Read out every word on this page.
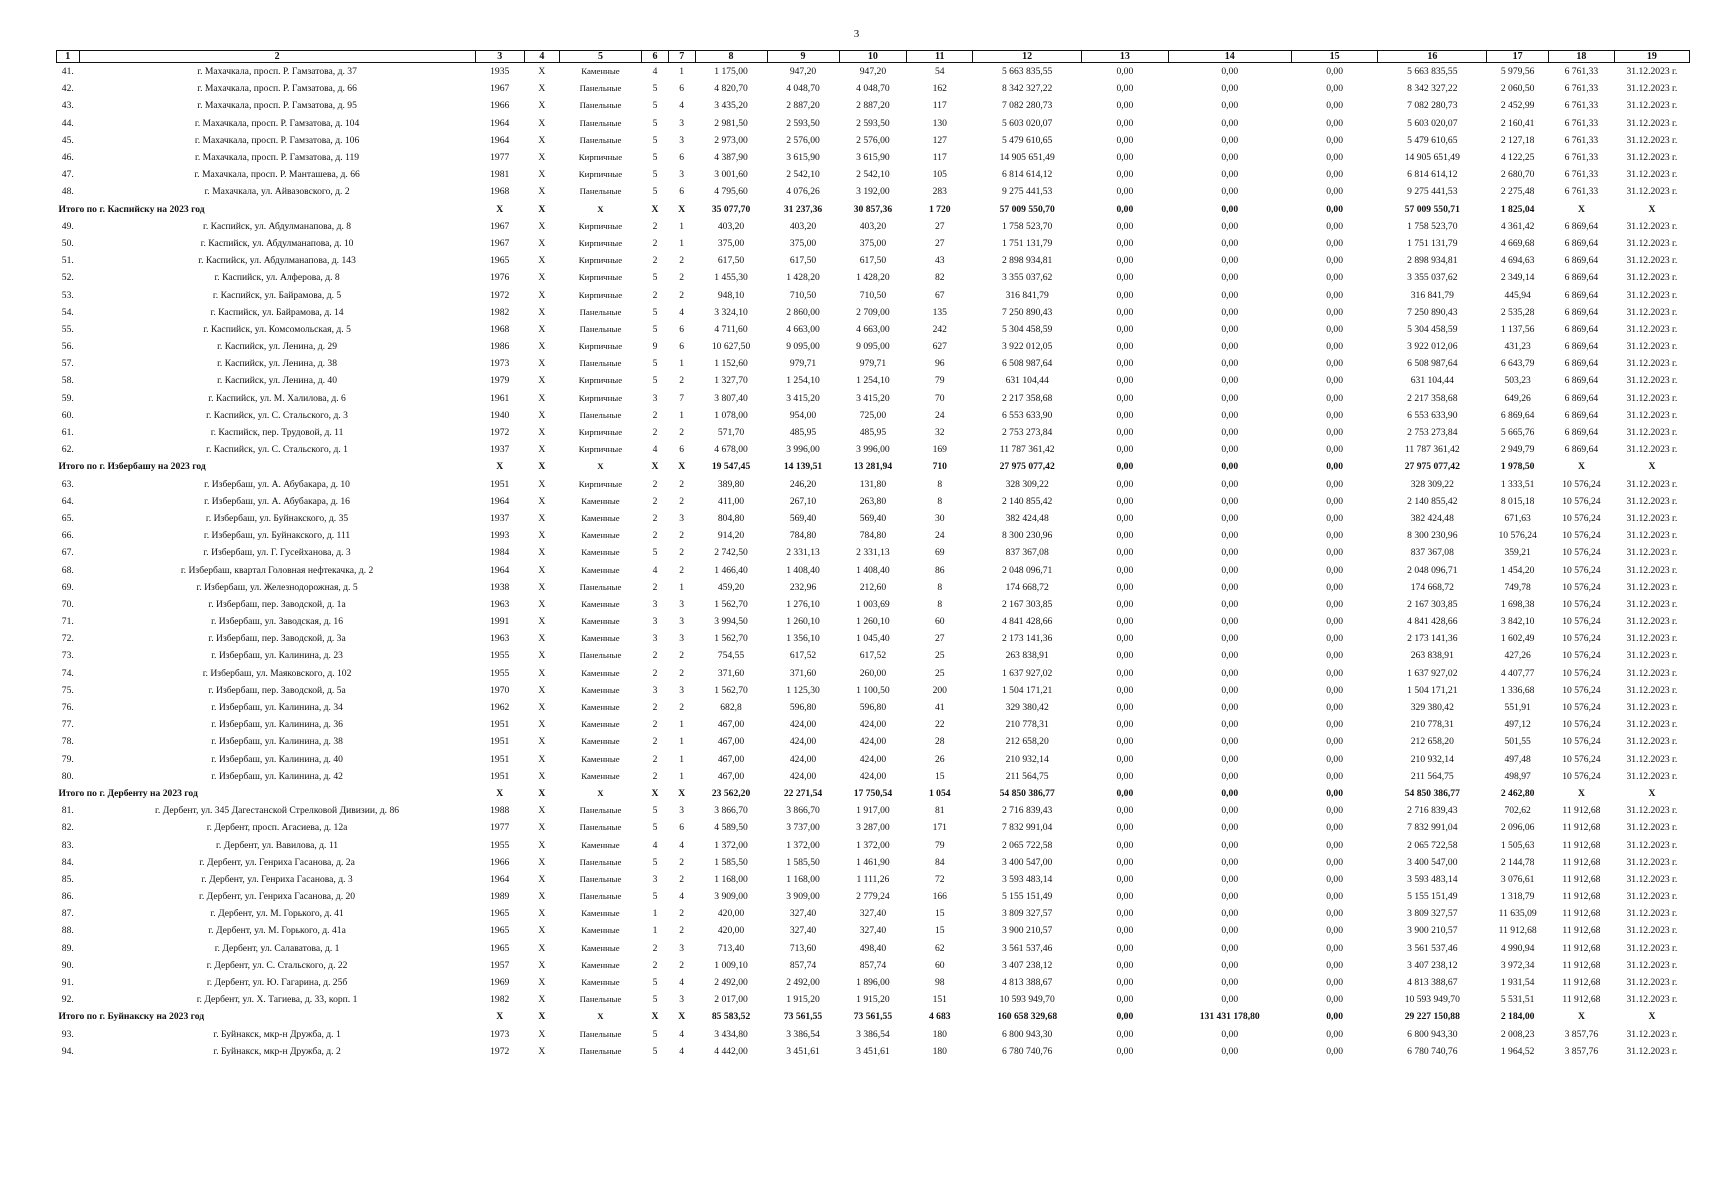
3
1	2	3	4	5	6	7	8	9	10	11	12	13	14	15	16	17	18	19
41.	г. Махачкала, просп. Р. Гамзатова, д. 37	1935	X	Каменные	4	1	1 175,00	947,20	947,20	54	5 663 835,55	0,00	0,00	0,00	5 663 835,55	5 979,56	6 761,33	31.12.2023 г.
42.	г. Махачкала, просп. Р. Гамзатова, д. 66	1967	X	Панельные	5	6	4 820,70	4 048,70	4 048,70	162	8 342 327,22	0,00	0,00	0,00	8 342 327,22	2 060,50	6 761,33	31.12.2023 г.
43.	г. Махачкала, просп. Р. Гамзатова, д. 95	1966	X	Панельные	5	4	3 435,20	2 887,20	2 887,20	117	7 082 280,73	0,00	0,00	0,00	7 082 280,73	2 452,99	6 761,33	31.12.2023 г.
44.	г. Махачкала, просп. Р. Гамзатова, д. 104	1964	X	Панельные	5	3	2 981,50	2 593,50	2 593,50	130	5 603 020,07	0,00	0,00	0,00	5 603 020,07	2 160,41	6 761,33	31.12.2023 г.
45.	г. Махачкала, просп. Р. Гамзатова, д. 106	1964	X	Панельные	5	3	2 973,00	2 576,00	2 576,00	127	5 479 610,65	0,00	0,00	0,00	5 479 610,65	2 127,18	6 761,33	31.12.2023 г.
46.	г. Махачкала, просп. Р. Гамзатова, д. 119	1977	X	Кирпичные	5	6	4 387,90	3 615,90	3 615,90	117	14 905 651,49	0,00	0,00	0,00	14 905 651,49	4 122,25	6 761,33	31.12.2023 г.
47.	г. Махачкала, просп. Р. Манташева, д. 66	1981	X	Кирпичные	5	3	3 001,60	2 542,10	2 542,10	105	6 814 614,12	0,00	0,00	0,00	6 814 614,12	2 680,70	6 761,33	31.12.2023 г.
48.	г. Махачкала, ул. Айвазовского, д. 2	1968	X	Панельные	5	6	4 795,60	4 076,26	3 192,00	283	9 275 441,53	0,00	0,00	0,00	9 275 441,53	2 275,48	6 761,33	31.12.2023 г.
Итого по г. Каспийску на 2023 год		X	X	X	X	X	35 077,70	31 237,36	30 857,36	1 720	57 009 550,70	0,00	0,00	0,00	57 009 550,71	1 825,04	X	X
49.	г. Каспийск, ул. Абдулманапова, д. 8	1967	X	Кирпичные	2	1	403,20	403,20	403,20	27	1 758 523,70	0,00	0,00	0,00	1 758 523,70	4 361,42	6 869,64	31.12.2023 г.
50.	г. Каспийск, ул. Абдулманапова, д. 10	1967	X	Кирпичные	2	1	375,00	375,00	375,00	27	1 751 131,79	0,00	0,00	0,00	1 751 131,79	4 669,68	6 869,64	31.12.2023 г.
51.	г. Каспийск, ул. Абдулманапова, д. 143	1965	X	Кирпичные	2	2	617,50	617,50	617,50	43	2 898 934,81	0,00	0,00	0,00	2 898 934,81	4 694,63	6 869,64	31.12.2023 г.
52.	г. Каспийск, ул. Алферова, д. 8	1976	X	Кирпичные	5	2	1 455,30	1 428,20	1 428,20	82	3 355 037,62	0,00	0,00	0,00	3 355 037,62	2 349,14	6 869,64	31.12.2023 г.
53.	г. Каспийск, ул. Байрамова, д. 5	1972	X	Кирпичные	2	2	948,10	710,50	710,50	67	316 841,79	0,00	0,00	0,00	316 841,79	445,94	6 869,64	31.12.2023 г.
54.	г. Каспийск, ул. Байрамова, д. 14	1982	X	Панельные	5	4	3 324,10	2 860,00	2 709,00	135	7 250 890,43	0,00	0,00	0,00	7 250 890,43	2 535,28	6 869,64	31.12.2023 г.
55.	г. Каспийск, ул. Комсомольская, д. 5	1968	X	Панельные	5	6	4 711,60	4 663,00	4 663,00	242	5 304 458,59	0,00	0,00	0,00	5 304 458,59	1 137,56	6 869,64	31.12.2023 г.
56.	г. Каспийск, ул. Ленина, д. 29	1986	X	Кирпичные	9	6	10 627,50	9 095,00	9 095,00	627	3 922 012,05	0,00	0,00	0,00	3 922 012,06	431,23	6 869,64	31.12.2023 г.
57.	г. Каспийск, ул. Ленина, д. 38	1973	X	Панельные	5	1	1 152,60	979,71	979,71	96	6 508 987,64	0,00	0,00	0,00	6 508 987,64	6 643,79	6 869,64	31.12.2023 г.
58.	г. Каспийск, ул. Ленина, д. 40	1979	X	Кирпичные	5	2	1 327,70	1 254,10	1 254,10	79	631 104,44	0,00	0,00	0,00	631 104,44	503,23	6 869,64	31.12.2023 г.
59.	г. Каспийск, ул. М. Халилова, д. 6	1961	X	Кирпичные	3	7	3 807,40	3 415,20	3 415,20	70	2 217 358,68	0,00	0,00	0,00	2 217 358,68	649,26	6 869,64	31.12.2023 г.
60.	г. Каспийск, ул. С. Стальского, д. 3	1940	X	Панельные	2	1	1 078,00	954,00	725,00	24	6 553 633,90	0,00	0,00	0,00	6 553 633,90	6 869,64	6 869,64	31.12.2023 г.
61.	г. Каспийск, пер. Трудовой, д. 11	1972	X	Кирпичные	2	2	571,70	485,95	485,95	32	2 753 273,84	0,00	0,00	0,00	2 753 273,84	5 665,76	6 869,64	31.12.2023 г.
62.	г. Каспийск, ул. С. Стальского, д. 1	1937	X	Кирпичные	4	6	4 678,00	3 996,00	3 996,00	169	11 787 361,42	0,00	0,00	0,00	11 787 361,42	2 949,79	6 869,64	31.12.2023 г.
Итого по г. Избербашу на 2023 год		X	X	X	X	X	19 547,45	14 139,51	13 281,94	710	27 975 077,42	0,00	0,00	0,00	27 975 077,42	1 978,50	X	X
63.	г. Избербаш, ул. А. Абубакара, д. 10	1951	X	Кирпичные	2	2	389,80	246,20	131,80	8	328 309,22	0,00	0,00	0,00	328 309,22	1 333,51	10 576,24	31.12.2023 г.
64.	г. Избербаш, ул. А. Абубакара, д. 16	1964	X	Каменные	2	2	411,00	267,10	263,80	8	2 140 855,42	0,00	0,00	0,00	2 140 855,42	8 015,18	10 576,24	31.12.2023 г.
65.	г. Избербаш, ул. Буйнакского, д. 35	1937	X	Каменные	2	3	804,80	569,40	569,40	30	382 424,48	0,00	0,00	0,00	382 424,48	671,63	10 576,24	31.12.2023 г.
66.	г. Избербаш, ул. Буйнакского, д. 111	1993	X	Каменные	2	2	914,20	784,80	784,80	24	8 300 230,96	0,00	0,00	0,00	8 300 230,96	10 576,24	10 576,24	31.12.2023 г.
67.	г. Избербаш, ул. Г. Гусейханова, д. 3	1984	X	Каменные	5	2	2 742,50	2 331,13	2 331,13	69	837 367,08	0,00	0,00	0,00	837 367,08	359,21	10 576,24	31.12.2023 г.
68.	г. Избербаш, квартал Головная нефтекачка, д. 2	1964	X	Каменные	4	2	1 466,40	1 408,40	1 408,40	86	2 048 096,71	0,00	0,00	0,00	2 048 096,71	1 454,20	10 576,24	31.12.2023 г.
69.	г. Избербаш, ул. Железнодорожная, д. 5	1938	X	Панельные	2	1	459,20	232,96	212,60	8	174 668,72	0,00	0,00	0,00	174 668,72	749,78	10 576,24	31.12.2023 г.
70.	г. Избербаш, пер. Заводской, д. 1а	1963	X	Каменные	3	3	1 562,70	1 276,10	1 003,69	8	2 167 303,85	0,00	0,00	0,00	2 167 303,85	1 698,38	10 576,24	31.12.2023 г.
71.	г. Избербаш, ул. Заводская, д. 16	1991	X	Каменные	3	3	3 994,50	1 260,10	1 260,10	60	4 841 428,66	0,00	0,00	0,00	4 841 428,66	3 842,10	10 576,24	31.12.2023 г.
72.	г. Избербаш, пер. Заводской, д. 3а	1963	X	Каменные	3	3	1 562,70	1 356,10	1 045,40	27	2 173 141,36	0,00	0,00	0,00	2 173 141,36	1 602,49	10 576,24	31.12.2023 г.
73.	г. Избербаш, ул. Калинина, д. 23	1955	X	Панельные	2	2	754,55	617,52	617,52	25	263 838,91	0,00	0,00	0,00	263 838,91	427,26	10 576,24	31.12.2023 г.
74.	г. Избербаш, ул. Маяковского, д. 102	1955	X	Каменные	2	2	371,60	371,60	260,00	25	1 637 927,02	0,00	0,00	0,00	1 637 927,02	4 407,77	10 576,24	31.12.2023 г.
75.	г. Избербаш, пер. Заводской, д. 5а	1970	X	Каменные	3	3	1 562,70	1 125,30	1 100,50	200	1 504 171,21	0,00	0,00	0,00	1 504 171,21	1 336,68	10 576,24	31.12.2023 г.
76.	г. Избербаш, ул. Калинина, д. 34	1962	X	Каменные	2	2	682,8	596,80	596,80	41	329 380,42	0,00	0,00	0,00	329 380,42	551,91	10 576,24	31.12.2023 г.
77.	г. Избербаш, ул. Калинина, д. 36	1951	X	Каменные	2	1	467,00	424,00	424,00	22	210 778,31	0,00	0,00	0,00	210 778,31	497,12	10 576,24	31.12.2023 г.
78.	г. Избербаш, ул. Калинина, д. 38	1951	X	Каменные	2	1	467,00	424,00	424,00	28	212 658,20	0,00	0,00	0,00	212 658,20	501,55	10 576,24	31.12.2023 г.
79.	г. Избербаш, ул. Калинина, д. 40	1951	X	Каменные	2	1	467,00	424,00	424,00	26	210 932,14	0,00	0,00	0,00	210 932,14	497,48	10 576,24	31.12.2023 г.
80.	г. Избербаш, ул. Калинина, д. 42	1951	X	Каменные	2	1	467,00	424,00	424,00	15	211 564,75	0,00	0,00	0,00	211 564,75	498,97	10 576,24	31.12.2023 г.
Итого по г. Дербенту на 2023 год		X	X	X	X	X	23 562,20	22 271,54	17 750,54	1 054	54 850 386,77	0,00	0,00	0,00	54 850 386,77	2 462,80	X	X
81.	г. Дербент, ул. 345 Дагестанской Стрелковой Дивизии, д. 86	1988	X	Панельные	5	3	3 866,70	3 866,70	1 917,00	81	2 716 839,43	0,00	0,00	0,00	2 716 839,43	702,62	11 912,68	31.12.2023 г.
82.	г. Дербент, просп. Агасиева, д. 12а	1977	X	Панельные	5	6	4 589,50	3 737,00	3 287,00	171	7 832 991,04	0,00	0,00	0,00	7 832 991,04	2 096,06	11 912,68	31.12.2023 г.
83.	г. Дербент, ул. Вавилова, д. 11	1955	X	Каменные	4	4	1 372,00	1 372,00	1 372,00	79	2 065 722,58	0,00	0,00	0,00	2 065 722,58	1 505,63	11 912,68	31.12.2023 г.
84.	г. Дербент, ул. Генриха Гасанова, д. 2а	1966	X	Панельные	5	2	1 585,50	1 585,50	1 461,90	84	3 400 547,00	0,00	0,00	0,00	3 400 547,00	2 144,78	11 912,68	31.12.2023 г.
85.	г. Дербент, ул. Генриха Гасанова, д. 3	1964	X	Панельные	3	2	1 168,00	1 168,00	1 111,26	72	3 593 483,14	0,00	0,00	0,00	3 593 483,14	3 076,61	11 912,68	31.12.2023 г.
86.	г. Дербент, ул. Генриха Гасанова, д. 20	1989	X	Панельные	5	4	3 909,00	3 909,00	2 779,24	166	5 155 151,49	0,00	0,00	0,00	5 155 151,49	1 318,79	11 912,68	31.12.2023 г.
87.	г. Дербент, ул. М. Горького, д. 41	1965	X	Каменные	1	2	420,00	327,40	327,40	15	3 809 327,57	0,00	0,00	0,00	3 809 327,57	11 635,09	11 912,68	31.12.2023 г.
88.	г. Дербент, ул. М. Горького, д. 41а	1965	X	Каменные	1	2	420,00	327,40	327,40	15	3 900 210,57	0,00	0,00	0,00	3 900 210,57	11 912,68	11 912,68	31.12.2023 г.
89.	г. Дербент, ул. Салаватова, д. 1	1965	X	Каменные	2	3	713,40	713,60	498,40	62	3 561 537,46	0,00	0,00	0,00	3 561 537,46	4 990,94	11 912,68	31.12.2023 г.
90.	г. Дербент, ул. С. Стальского, д. 22	1957	X	Каменные	2	2	1 009,10	857,74	857,74	60	3 407 238,12	0,00	0,00	0,00	3 407 238,12	3 972,34	11 912,68	31.12.2023 г.
91.	г. Дербент, ул. Ю. Гагарина, д. 25б	1969	X	Каменные	5	4	2 492,00	2 492,00	1 896,00	98	4 813 388,67	0,00	0,00	0,00	4 813 388,67	1 931,54	11 912,68	31.12.2023 г.
92.	г. Дербент, ул. Х. Тагиева, д. 33, корп. 1	1982	X	Панельные	5	3	2 017,00	1 915,20	1 915,20	151	10 593 949,70	0,00	0,00	0,00	10 593 949,70	5 531,51	11 912,68	31.12.2023 г.
Итого по г. Буйнакску на 2023 год		X	X	X	X	X	85 583,52	73 561,55	73 561,55	4 683	160 658 329,68	0,00	131 431 178,80	0,00	29 227 150,88	2 184,00	X	X
93.	г. Буйнакск, мкр-н Дружба, д. 1	1973	X	Панельные	5	4	3 434,80	3 386,54	3 386,54	180	6 800 943,30	0,00	0,00	0,00	6 800 943,30	2 008,23	3 857,76	31.12.2023 г.
94.	г. Буйнакск, мкр-н Дружба, д. 2	1972	X	Панельные	5	4	4 442,00	3 451,61	3 451,61	180	6 780 740,76	0,00	0,00	0,00	6 780 740,76	1 964,52	3 857,76	31.12.2023 г.
